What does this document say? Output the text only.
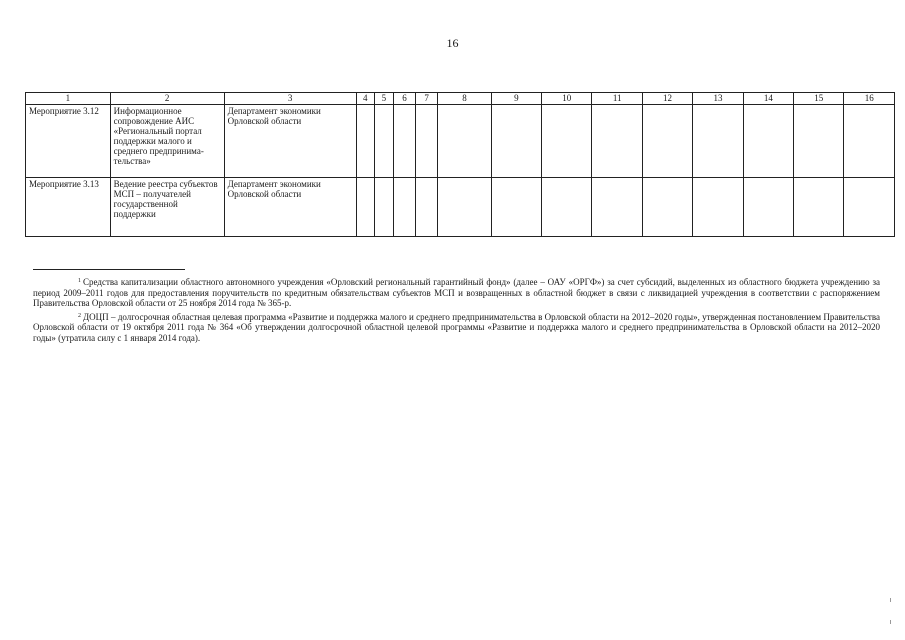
16
1	2	3	4	5	6	7	8	9	10	11	12	13	14	15	16
Мероприятие 3.12	Информационное сопровождение АИС «Региональный портал поддержки малого и среднего предпринима-тельства»	Департамент экономики Орловской области													
Мероприятие 3.13	Ведение реестра субъектов МСП – получателей государственной поддержки	Департамент экономики Орловской области													

$^1$ Средства капитализации областного автономного учреждения «Орловский региональный гарантийный фонд» (далее – ОАУ «ОРГФ») за счет субсидий, выделенных из областного бюджета учреждению за период 2009–2011 годов для предоставления поручительств по кредитным обязательствам субъектов МСП и возвращенных в областной бюджет в связи с ликвидацией учреждения в соответствии с распоряжением Правительства Орловской области от 25 ноября 2014 года № 365-р.

$^2$ ДОЦП – долгосрочная областная целевая программа «Развитие и поддержка малого и среднего предпринимательства в Орловской области на 2012–2020 годы», утвержденная постановлением Правительства Орловской области от 19 октября 2011 года № 364 «Об утверждении долгосрочной областной целевой программы «Развитие и поддержка малого и среднего предпринимательства в Орловской области на 2012–2020 годы» (утратила силу с 1 января 2014 года).
